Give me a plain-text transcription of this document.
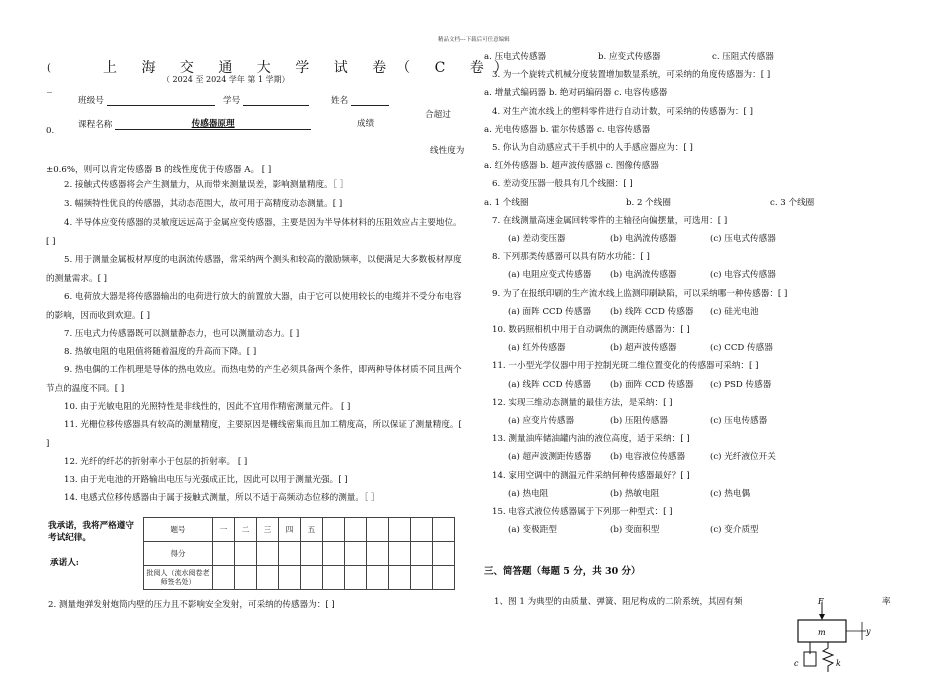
精品文档---下载后可任意编辑
(
_
上 海 交 通 大 学 试 卷（ C 卷）
（ 2024 至 2024 学年 第 1 学期）
班级号	学号	姓名
合超过
课程名称	传感器原理	成绩
0.
线性度为
±0.6%，则可以肯定传感器 B 的线性度优于传感器 A。 [ ]
2. 接触式传感器将会产生测量力，从而带来测量误差，影响测量精度。［ ］
3. 幅频特性优良的传感器，其动态范围大，故可用于高精度动态测量。[ ]
4. 半导体应变传感器的灵敏度远远高于金属应变传感器，主要是因为半导体材料的压阻效应占主要地位。[ ]
5. 用于测量金属板材厚度的电涡流传感器，常采纳两个测头和较高的激励频率，以便满足大多数板材厚度的测量需求。[ ]
6. 电荷放大器是将传感器输出的电荷进行放大的前置放大器，由于它可以使用较长的电缆并不受分布电容的影响，因而收到欢迎。[ ]
7. 压电式力传感器既可以测量静态力，也可以测量动态力。[ ]
8. 热敏电阻的电阻值将随着温度的升高而下降。[ ]
9. 热电偶的工作机理是导体的热电效应。而热电势的产生必须具备两个条件，即两种导体材质不同且两个节点的温度不同。[ ]
10. 由于光敏电阻的光照特性是非线性的，因此不宜用作精密测量元件。 [ ]
11. 光栅位移传感器具有较高的测量精度，主要原因是栅线密集而且加工精度高，所以保证了测量精度。[ ]
12. 光纤的纤芯的折射率小于包层的折射率。 [ ]
13. 由于光电池的开路输出电压与光强成正比，因此可以用于测量光强。[ ]
14. 电感式位移传感器由于属于接触式测量，所以不适于高频动态位移的测量。［ ］
我承诺，我将严格遵守考试纪律。
承诺人:
题号	一	二	三	四	五						
得分											
批阅人（流水阅卷老师签名处）											
2. 测量炮弹发射炮筒内壁的压力且不影响安全发射，可采纳的传感器为：[ ]
a. 压电式传感器	b. 应变式传感器	c. 压阻式传感器
3. 为一个旋转式机械分度装置增加数显系统，可采纳的角度传感器为：[ ]
a. 增量式编码器 b. 绝对码编码器 c. 电容传感器
4. 对生产流水线上的塑料零件进行自动计数，可采纳的传感器为：[ ]
a. 光电传感器 b. 霍尔传感器 c. 电容传感器
5. 你认为自动感应式干手机中的人手感应器应为：[ ]
a. 红外传感器 b. 超声波传感器 c. 图像传感器
6. 差动变压器一般具有几个线圈：[ ]
a. 1 个线圈	b. 2 个线圈	c. 3 个线圈
7. 在线测量高速金属回转零件的主轴径向偏摆量，可选用：[ ]
(a) 差动变压器	(b) 电涡流传感器	(c) 压电式传感器
8. 下列那类传感器可以具有防水功能：[ ]
(a) 电阻应变式传感器 (b) 电涡流传感器	(c) 电容式传感器
9. 为了在报纸印刷的生产流水线上监测印刷缺陷，可以采纳哪一种传感器：[ ]
(a) 面阵 CCD 传感器 (b) 线阵 CCD 传感器 (c) 硅光电池
10. 数码照相机中用于自动调焦的测距传感器为：[ ]
(a) 红外传感器	(b) 超声波传感器	(c) CCD 传感器
11. 一小型光学仪器中用于控制光斑二维位置变化的传感器可采纳：[ ]
(a) 线阵 CCD 传感器 (b) 面阵 CCD 传感器 (c) PSD 传感器
12. 实现三维动态测量的最佳方法，是采纳：[ ]
(a) 应变片传感器	(b) 压阻传感器	(c) 压电传感器
13. 测量油库储油罐内油的液位高度，适于采纳：[ ]
(a) 超声波测距传感器 (b) 电容液位传感器	(c) 光纤液位开关
14. 家用空调中的测温元件采纳何种传感器最好？[ ]
(a) 热电阻	(b) 热敏电阻	(c) 热电偶
15. 电容式液位传感器属于下列那一种型式：[ ]
(a) 变极距型	(b) 变面积型	(c) 变介质型
三、简答题（每题 5 分，共 30 分）
1、图 1 为典型的由质量、弹簧、阻尼构成的二阶系统，其固有频	率
F
m	y
c	k
